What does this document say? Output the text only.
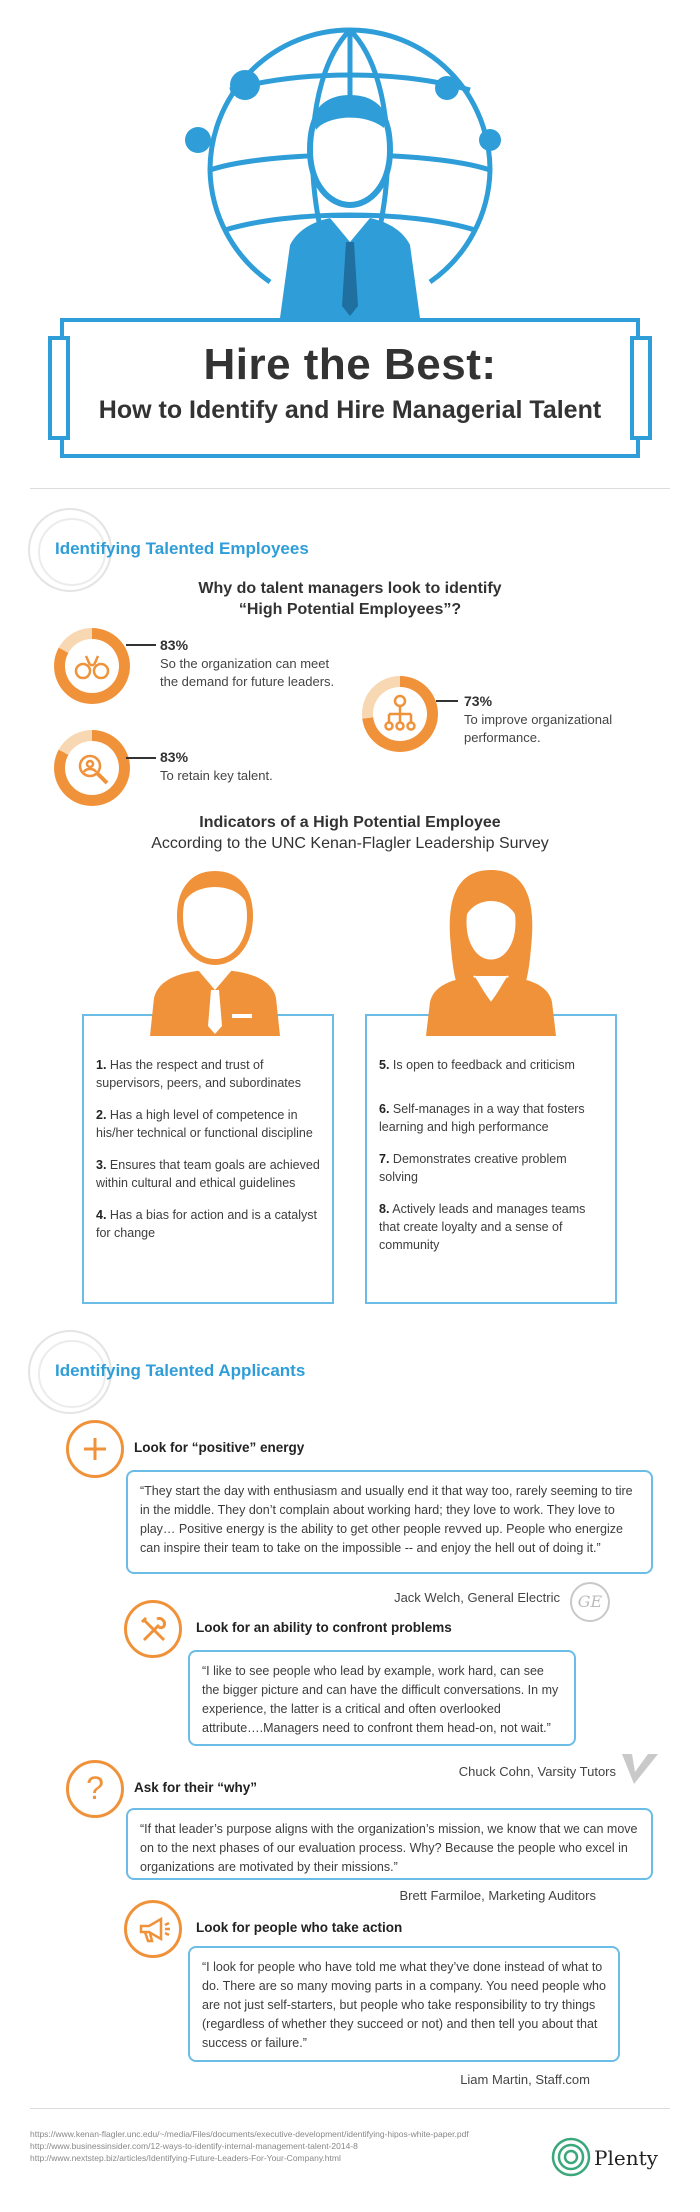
Hire the Best:
How to Identify and Hire Managerial Talent
Identifying Talented Employees
Why do talent managers look to identify
“High Potential Employees”?
83%
So the organization can meet
the demand for future leaders.
73%
To improve organizational
performance.
83%
To retain key talent.
Indicators of a High Potential Employee
According to the UNC Kenan-Flagler Leadership Survey
1. Has the respect and trust of supervisors, peers, and subordinates
2. Has a high level of competence in his/her technical or functional discipline
3. Ensures that team goals are achieved within cultural and ethical guidelines
4. Has a bias for action and is a catalyst for change
5. Is open to feedback and criticism
6. Self-manages in a way that fosters learning and high performance
7. Demonstrates creative problem solving
8. Actively leads and manages teams that create loyalty and a sense of community
Identifying Talented Applicants
Look for “positive” energy
“They start the day with enthusiasm and usually end it that way too, rarely seeming to tire in the middle. They don’t complain about working hard; they love to work. They love to play… Positive energy is the ability to get other people revved up. People who energize can inspire their team to take on the impossible -- and enjoy the hell out of doing it.”
Jack Welch, General Electric	GE
Look for an ability to confront problems
“I like to see people who lead by example, work hard, can see the bigger picture and can have the difficult conversations. In my experience, the latter is a critical and often overlooked attribute….Managers need to confront them head-on, not wait.”
Chuck Cohn, Varsity Tutors
?	Ask for their “why”
“If that leader’s purpose aligns with the organization’s mission, we know that we can move on to the next phases of our evaluation process. Why? Because the people who excel in organizations are motivated by their missions.”
Brett Farmiloe, Marketing Auditors
Look for people who take action
“I look for people who have told me what they’ve done instead of what to do. There are so many moving parts in a company. You need people who are not just self-starters, but people who take responsibility to try things (regardless of whether they succeed or not) and then tell you about that success or failure.”
Liam Martin, Staff.com
https://www.kenan-flagler.unc.edu/~/media/Files/documents/executive-development/identifying-hipos-white-paper.pdf
http://www.businessinsider.com/12-ways-to-identify-internal-management-talent-2014-8
http://www.nextstep.biz/articles/Identifying-Future-Leaders-For-Your-Company.html	Plenty
